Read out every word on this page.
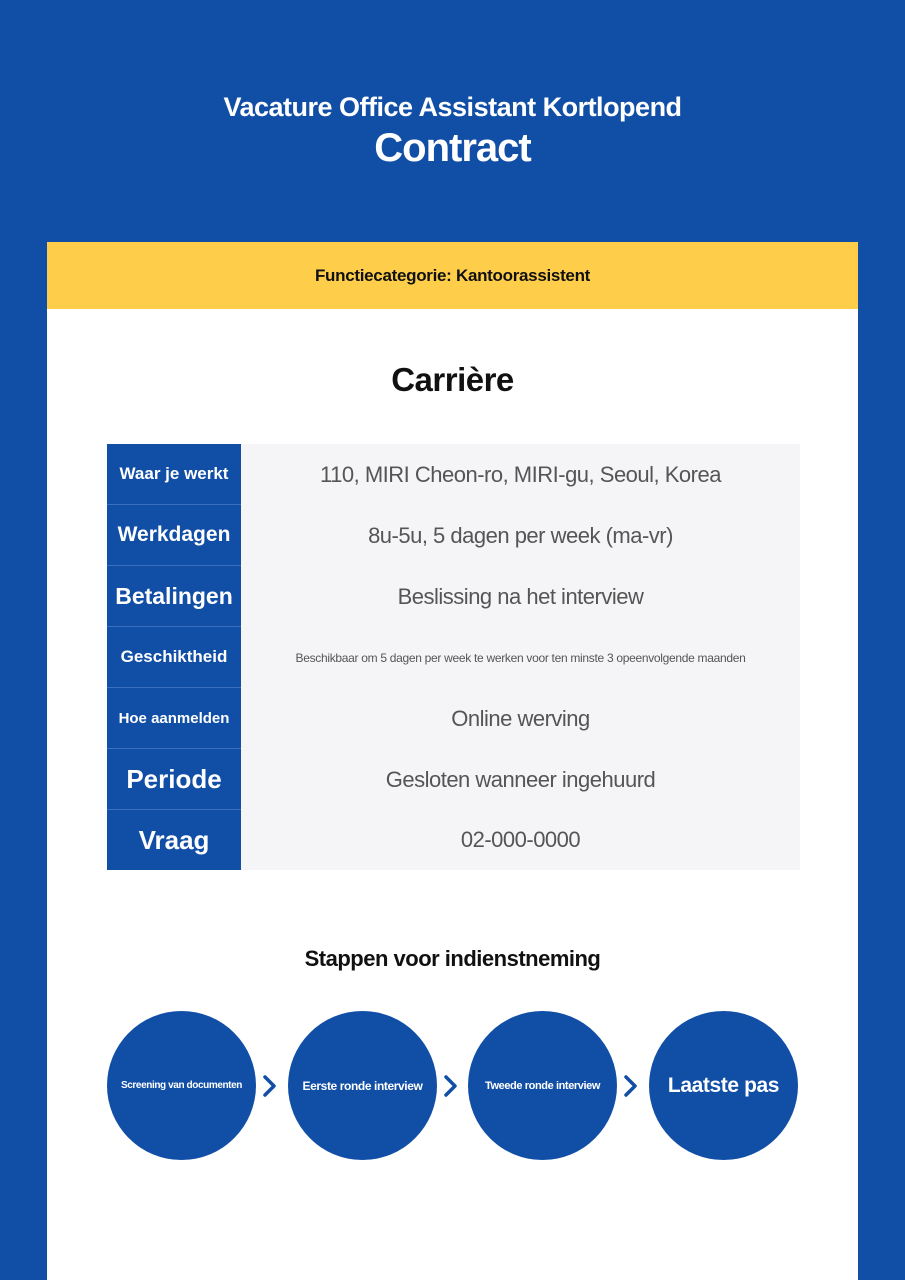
Vacature Office Assistant Kortlopend
Contract
Functiecategorie: Kantoorassistent
Carrière
Waar je werkt	110, MIRI Cheon-ro, MIRI-gu, Seoul, Korea
Werkdagen	8u-5u, 5 dagen per week (ma-vr)
Betalingen	Beslissing na het interview
Geschiktheid	Beschikbaar om 5 dagen per week te werken voor ten minste 3 opeenvolgende maanden
Hoe aanmelden	Online werving
Periode	Gesloten wanneer ingehuurd
Vraag	02-000-0000
Stappen voor indienstneming
Screening van documenten	Eerste ronde interview	Tweede ronde interview	Laatste pas
